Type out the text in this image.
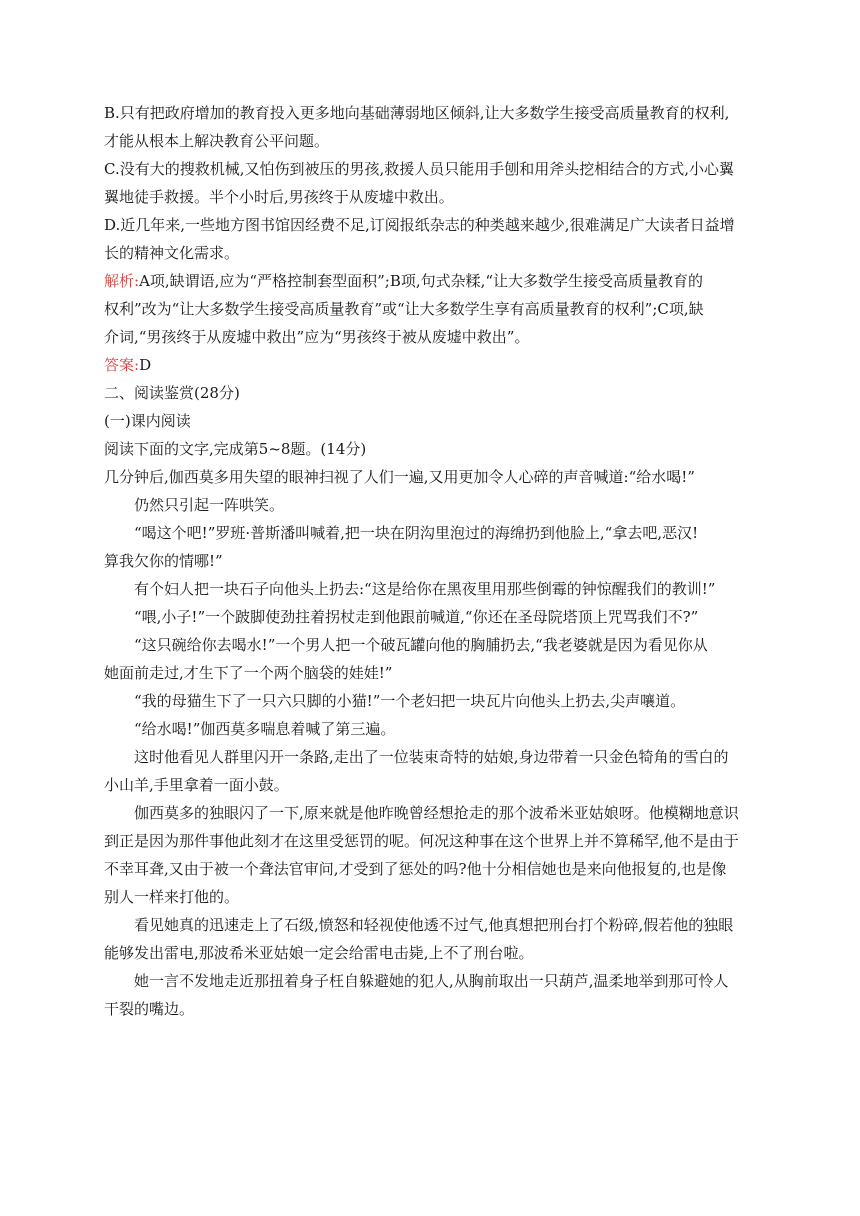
B.只有把政府增加的教育投入更多地向基础薄弱地区倾斜,让大多数学生接受高质量教育的权利,

才能从根本上解决教育公平问题。

C.没有大的搜救机械,又怕伤到被压的男孩,救援人员只能用手刨和用斧头挖相结合的方式,小心翼

翼地徒手救援。半个小时后,男孩终于从废墟中救出。

D.近几年来,一些地方图书馆因经费不足,订阅报纸杂志的种类越来越少,很难满足广大读者日益增

长的精神文化需求。

解析:A项,缺谓语,应为“严格控制套型面积”;B项,句式杂糅,“让大多数学生接受高质量教育的

权利”改为“让大多数学生接受高质量教育”或“让大多数学生享有高质量教育的权利”;C项,缺

介词,“男孩终于从废墟中救出”应为“男孩终于被从废墟中救出”。

答案:D

二、阅读鉴赏(28分)

(一)课内阅读

阅读下面的文字,完成第5~8题。(14分)

几分钟后,伽西莫多用失望的眼神扫视了人们一遍,又用更加令人心碎的声音喊道:“给水喝!”

仍然只引起一阵哄笑。

“喝这个吧!”罗班·普斯潘叫喊着,把一块在阴沟里泡过的海绵扔到他脸上,“拿去吧,恶汉!

算我欠你的情哪!”

有个妇人把一块石子向他头上扔去:“这是给你在黑夜里用那些倒霉的钟惊醒我们的教训!”

“喂,小子!”一个跛脚使劲拄着拐杖走到他跟前喊道,“你还在圣母院塔顶上咒骂我们不?”

“这只碗给你去喝水!”一个男人把一个破瓦罐向他的胸脯扔去,“我老婆就是因为看见你从

她面前走过,才生下了一个两个脑袋的娃娃!”

“我的母猫生下了一只六只脚的小猫!”一个老妇把一块瓦片向他头上扔去,尖声嚷道。

“给水喝!”伽西莫多喘息着喊了第三遍。

这时他看见人群里闪开一条路,走出了一位装束奇特的姑娘,身边带着一只金色犄角的雪白的

小山羊,手里拿着一面小鼓。

伽西莫多的独眼闪了一下,原来就是他昨晚曾经想抢走的那个波希米亚姑娘呀。他模糊地意识

到正是因为那件事他此刻才在这里受惩罚的呢。何况这种事在这个世界上并不算稀罕,他不是由于

不幸耳聋,又由于被一个聋法官审问,才受到了惩处的吗?他十分相信她也是来向他报复的,也是像

别人一样来打他的。

看见她真的迅速走上了石级,愤怒和轻视使他透不过气,他真想把刑台打个粉碎,假若他的独眼

能够发出雷电,那波希米亚姑娘一定会给雷电击毙,上不了刑台啦。

她一言不发地走近那扭着身子枉自躲避她的犯人,从胸前取出一只葫芦,温柔地举到那可怜人

干裂的嘴边。
